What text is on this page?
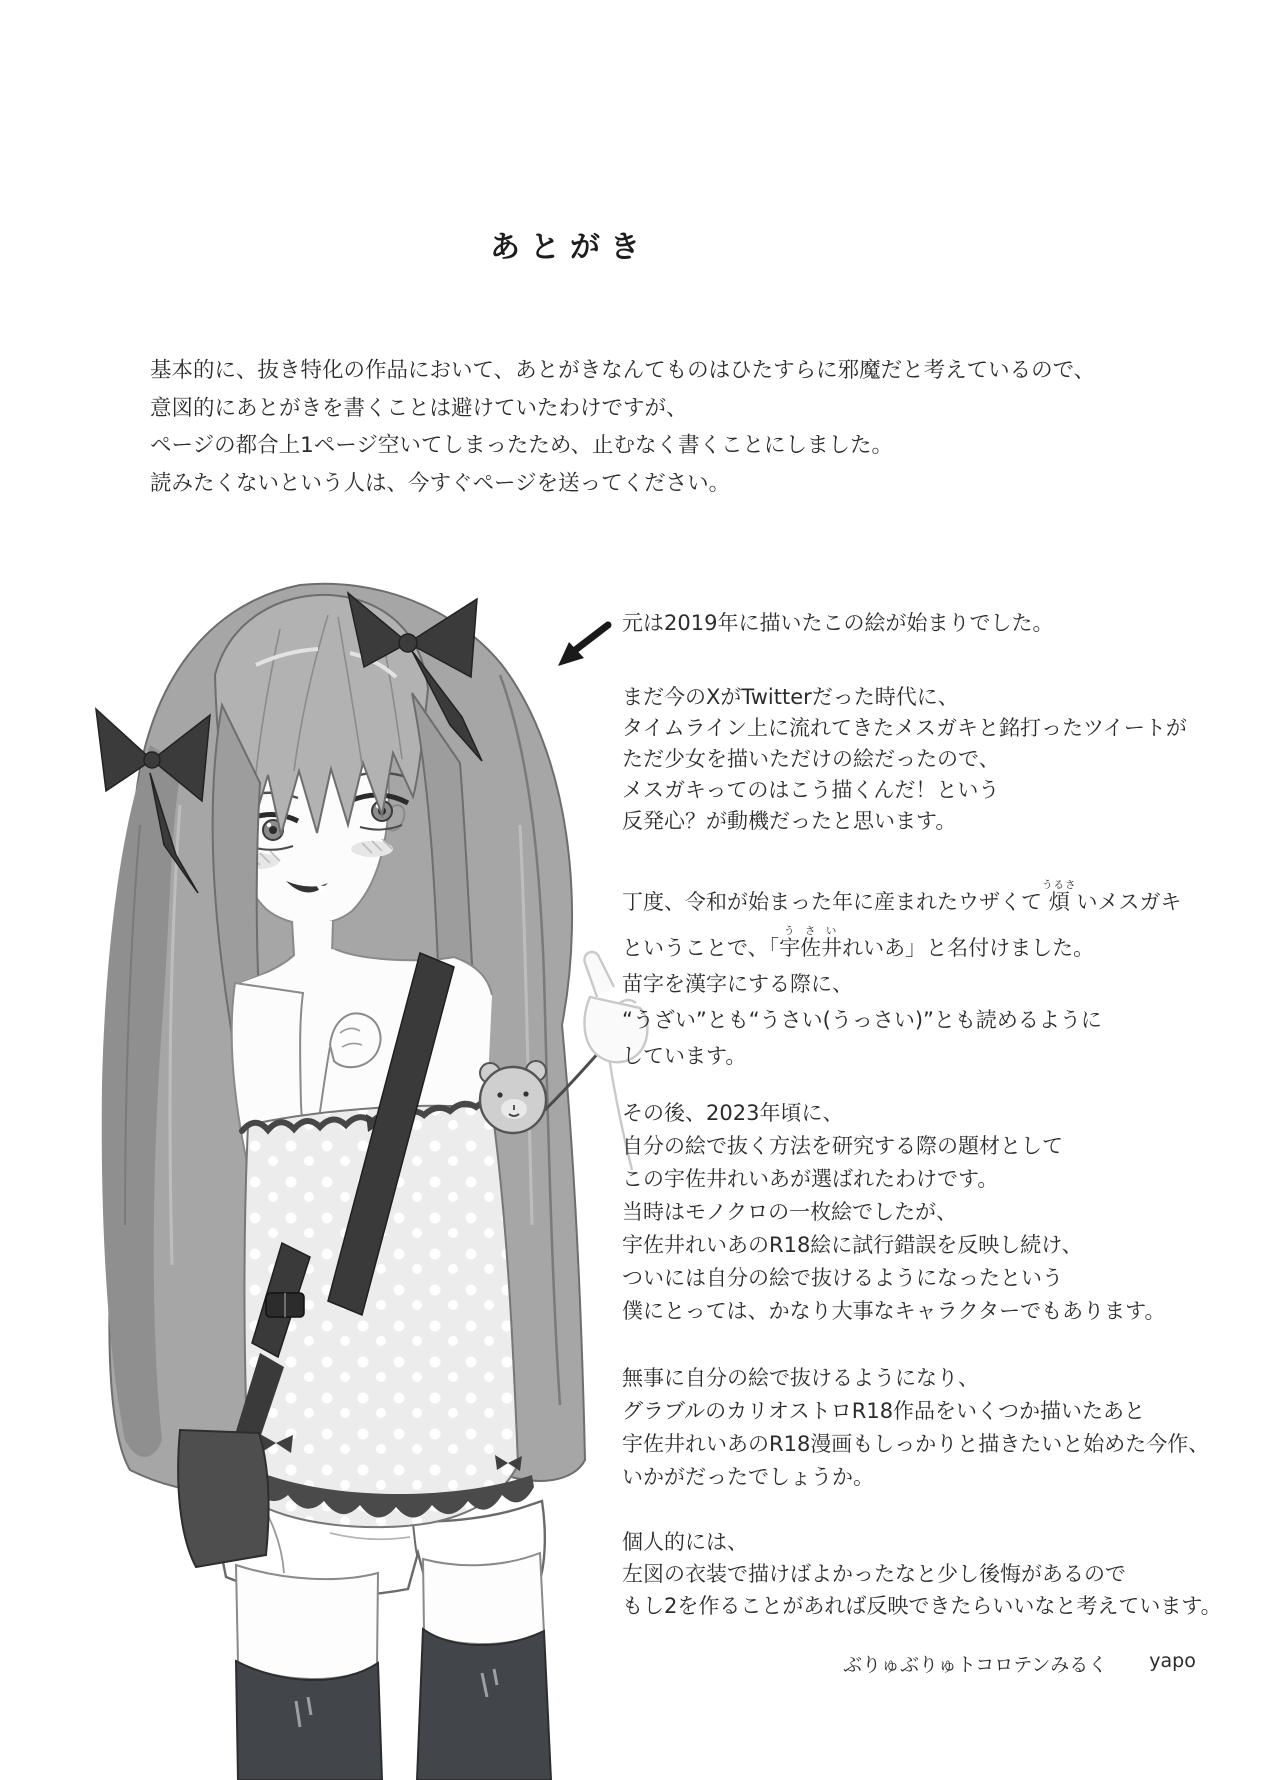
あとがき
基本的に、抜き特化の作品において、あとがきなんてものはひたすらに邪魔だと考えているので、
意図的にあとがきを書くことは避けていたわけですが、
ページの都合上1ページ空いてしまったため、止むなく書くことにしました。
読みたくないという人は、今すぐページを送ってください。
元は2019年に描いたこの絵が始まりでした。
まだ今のXがTwitterだった時代に、
タイムライン上に流れてきたメスガキと銘打ったツイートが
ただ少女を描いただけの絵だったので、
メスガキってのはこう描くんだ！という
反発心？が動機だったと思います。
丁度、令和が始まった年に産まれたウザくて 煩うるさ
いメスガキ
ということで、「 宇佐井うさい
れいあ」と名付けました。
苗字を漢字にする際に、
“うざい”とも“うさい(うっさい)”とも読めるように
しています。
その後、2023年頃に、
自分の絵で抜く方法を研究する際の題材として
この宇佐井れいあが選ばれたわけです。
当時はモノクロの一枚絵でしたが、
宇佐井れいあのR18絵に試行錯誤を反映し続け、
ついには自分の絵で抜けるようになったという
僕にとっては、かなり大事なキャラクターでもあります。
無事に自分の絵で抜けるようになり、
グラブルのカリオストロR18作品をいくつか描いたあと
宇佐井れいあのR18漫画もしっかりと描きたいと始めた今作、
いかがだったでしょうか。
個人的には、
左図の衣装で描けばよかったなと少し後悔があるので
もし2を作ることがあれば反映できたらいいなと考えています。
ぶりゅぶりゅトコロテンみるく yapo
